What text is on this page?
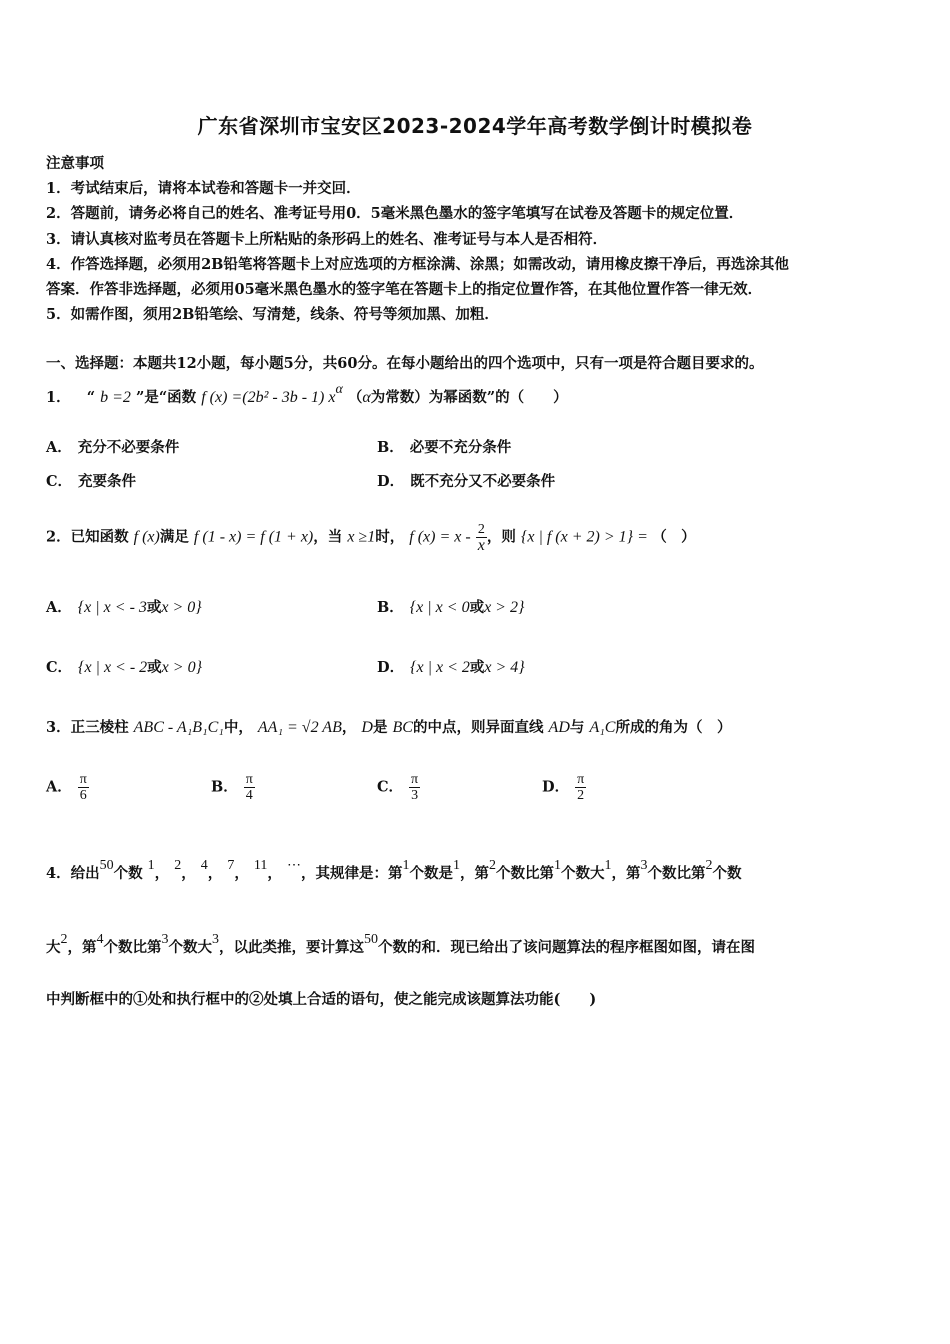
广东省深圳市宝安区2023-2024学年高考数学倒计时模拟卷
注意事项
1．考试结束后，请将本试卷和答题卡一并交回．
2．答题前，请务必将自己的姓名、准考证号用0．5毫米黑色墨水的签字笔填写在试卷及答题卡的规定位置．
3．请认真核对监考员在答题卡上所粘贴的条形码上的姓名、准考证号与本人是否相符．
4．作答选择题，必须用2B铅笔将答题卡上对应选项的方框涂满、涂黑；如需改动，请用橡皮擦干净后，再选涂其他
答案．作答非选择题，必须用05毫米黑色墨水的签字笔在答题卡上的指定位置作答，在其他位置作答一律无效．
5．如需作图，须用2B铅笔绘、写清楚，线条、符号等须加黑、加粗．
一、选择题：本题共12小题，每小题5分，共60分。在每小题给出的四个选项中，只有一项是符合题目要求的。
1． “ b =2 ”是“函数 f (x) =(2b² - 3b - 1) xα （α为常数）为幂函数”的（　　）
A． 充分不必要条件	B． 必要不充分条件
C． 充要条件	D． 既不充分又不必要条件
2．已知函数 f (x)满足 f (1 - x) = f (1 + x)，当 x ≥1时， f $(x) = x - \frac{2}{x}$ ，则 {x | f (x + 2) > 1} = （　）
A． {x | x < - 3或x > 0}	B． {x | x < 0或x > 2}
C． {x | x < - 2或x > 0}	D． {x | x < 2或x > 4}
3．正三棱柱 ABC - A₁B₁C₁中， AA₁ = √2 AB， D是 BC的中点，则异面直线 AD与 A₁C所成的角为（　）
A． $\frac{\pi}{6}$	B． $\frac{\pi}{4}$	C． $\frac{\pi}{3}$	D． $\frac{\pi}{2}$
4．给出50个数 1， 2， 4， 7， 11， ⋯，其规律是：第1个数是1，第2个数比第1个数大1，第3个数比第2个数
大2，第4个数比第3个数大3，以此类推，要计算这50个数的和．现已给出了该问题算法的程序框图如图，请在图
中判断框中的①处和执行框中的②处填上合适的语句，使之能完成该题算法功能(　　)
